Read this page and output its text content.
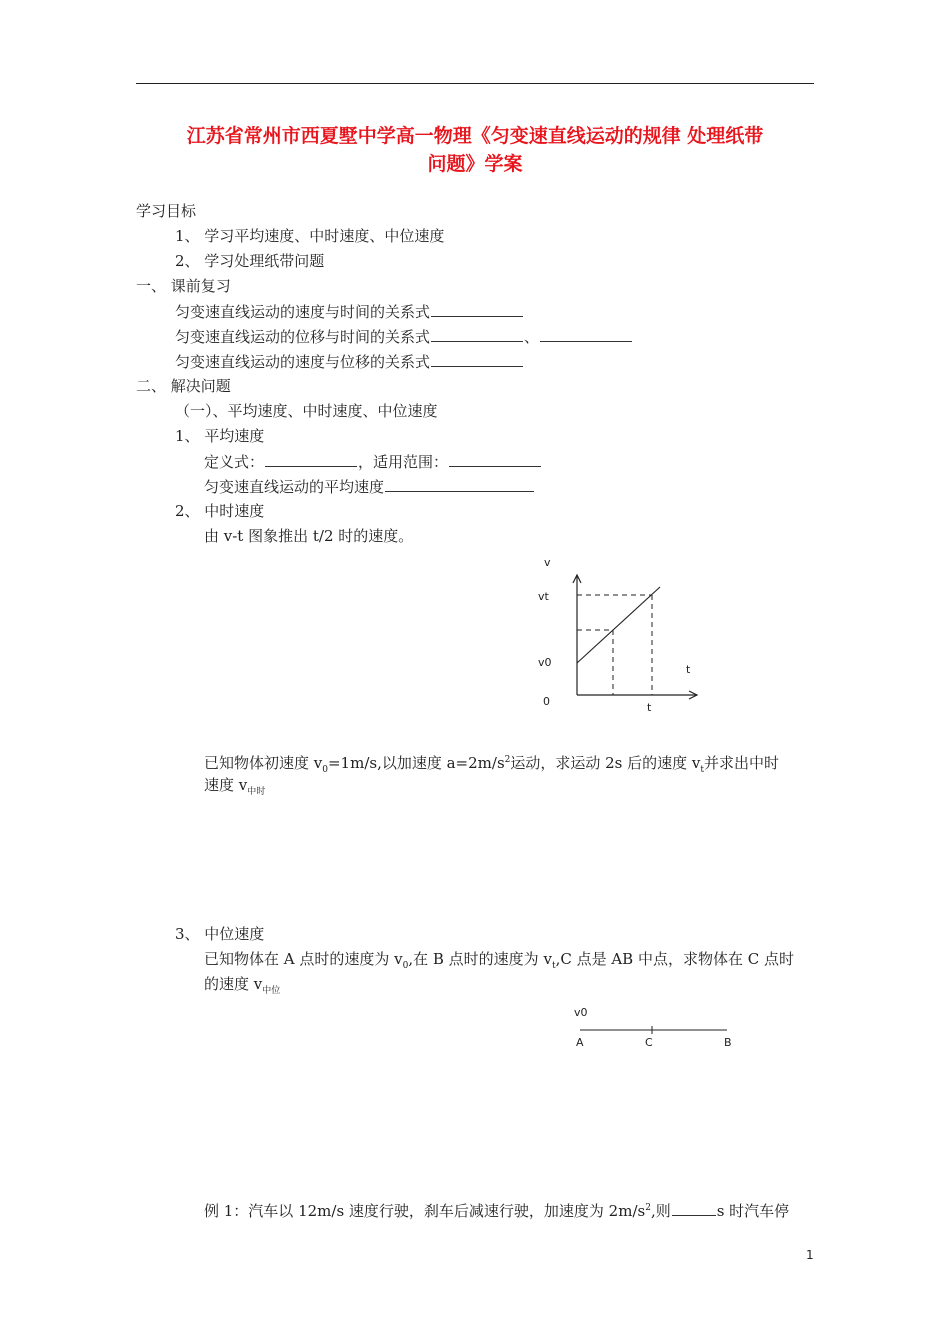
江苏省常州市西夏墅中学高一物理《匀变速直线运动的规律 处理纸带
问题》学案
学习目标
1、 学习平均速度、中时速度、中位速度
2、 学习处理纸带问题
一、 课前复习
匀变速直线运动的速度与时间的关系式
匀变速直线运动的位移与时间的关系式	、
匀变速直线运动的速度与位移的关系式
二、 解决问题
（一）、平均速度、中时速度、中位速度
1、 平均速度
定义式：	，适用范围：
匀变速直线运动的平均速度
2、 中时速度
由 v-t 图象推出 t/2 时的速度。
v
vt
v0
0
t
t
已知物体初速度 $v_0=1m/s$,以加速度 $a=2m/s^2$运动，求运动 2s 后的速度 $v_t$并求出中时
速度 $v_{中时}$
3、 中位速度
已知物体在 A 点时的速度为 $v_0$,在 B 点时的速度为 $v_t,C$ 点是 AB 中点，求物体在 C 点时
的速度 $v_{中位}$
v0
A	C	B
例 1：汽车以 12m/s 速度行驶，刹车后减速行驶，加速度为 $2m/s^2$,则	s 时汽车停
1
